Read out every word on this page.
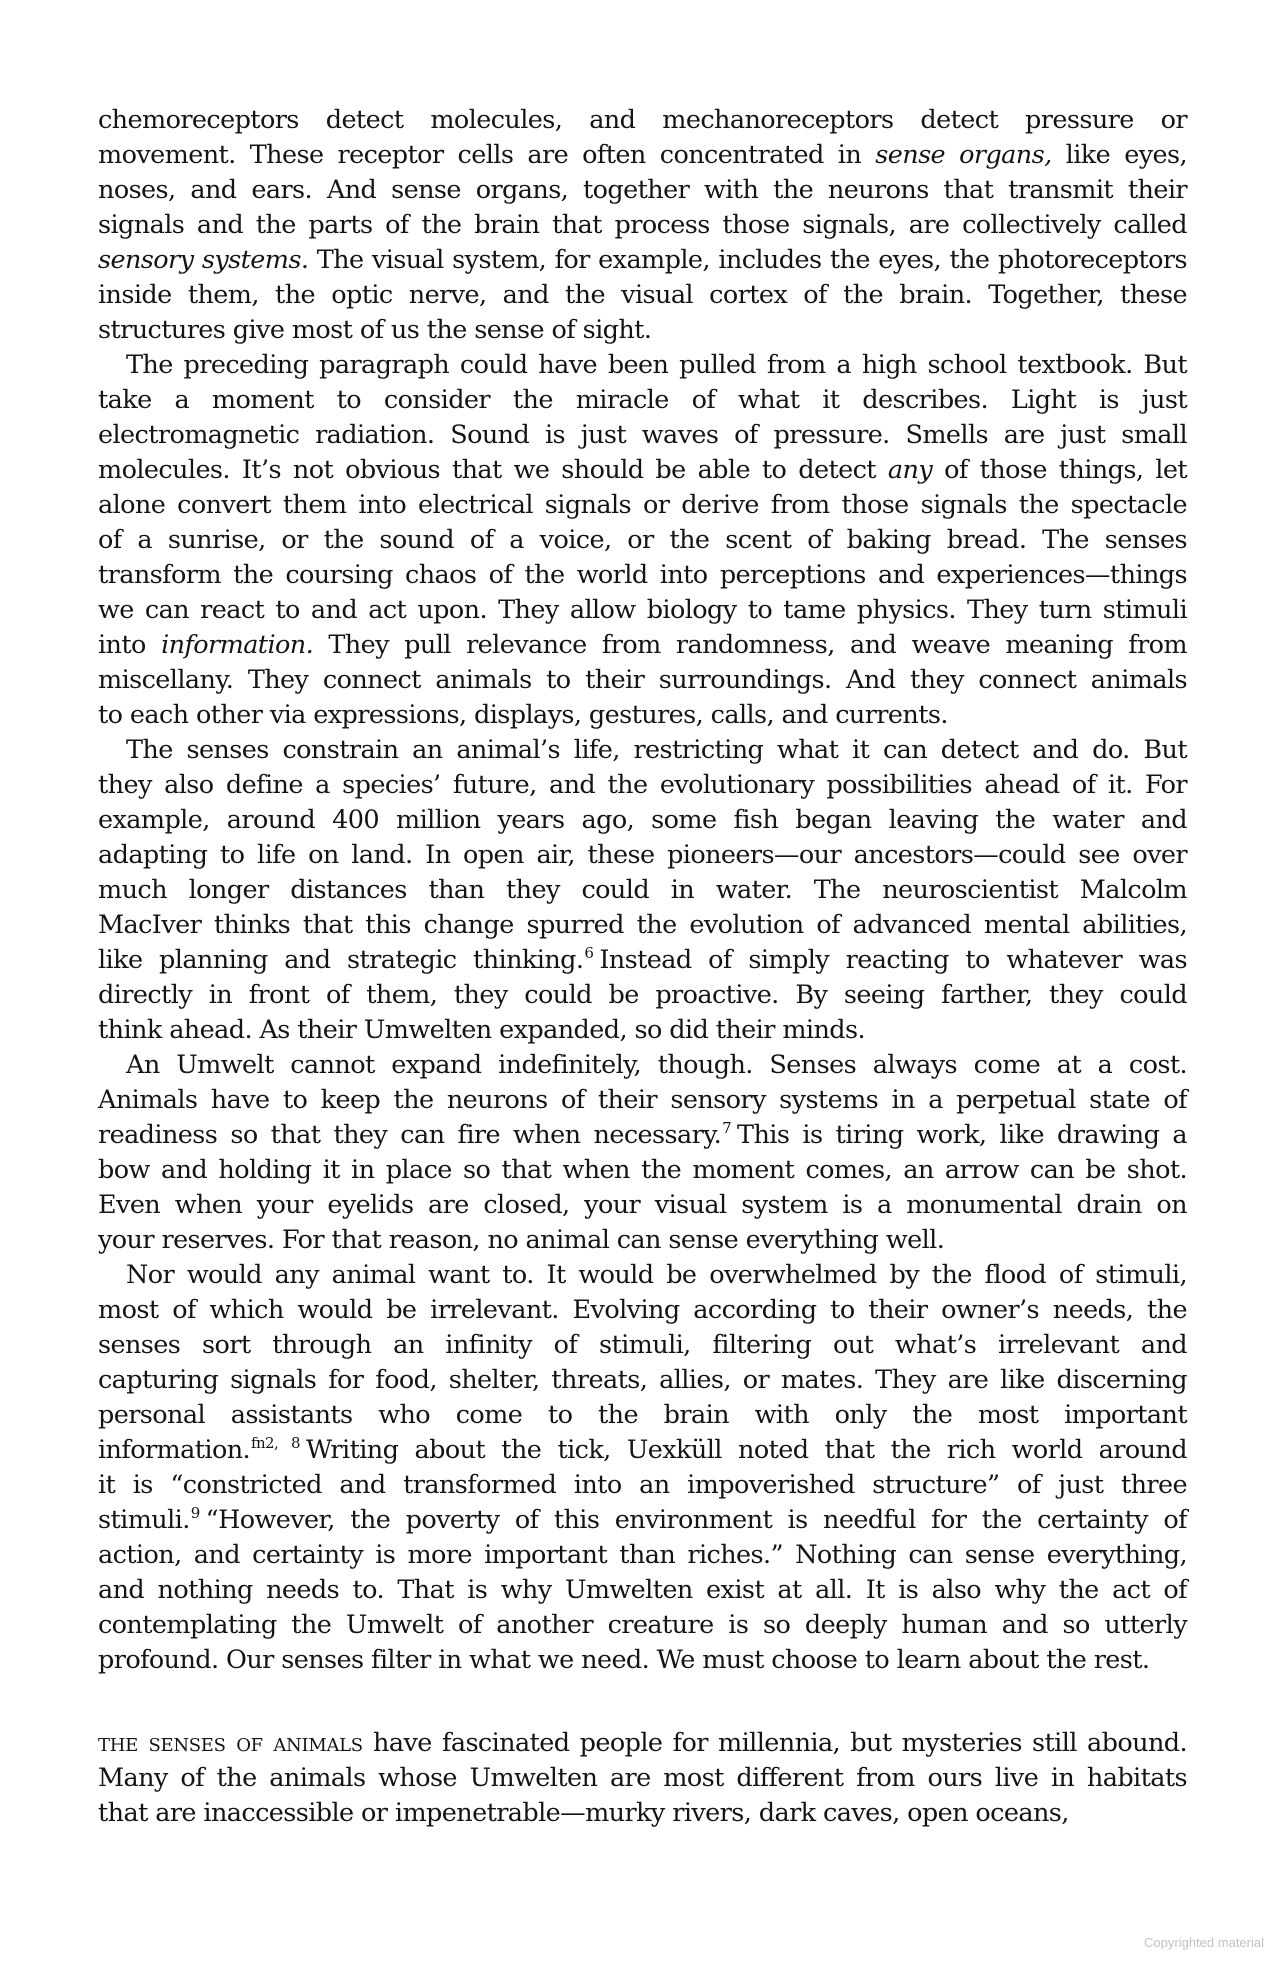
chemoreceptors detect molecules, and mechanoreceptors detect pressure or
movement. These receptor cells are often concentrated in sense organs, like eyes,
noses, and ears. And sense organs, together with the neurons that transmit their
signals and the parts of the brain that process those signals, are collectively called
sensory systems. The visual system, for example, includes the eyes, the photoreceptors
inside them, the optic nerve, and the visual cortex of the brain. Together, these
structures give most of us the sense of sight.
The preceding paragraph could have been pulled from a high school textbook. But
take a moment to consider the miracle of what it describes. Light is just
electromagnetic radiation. Sound is just waves of pressure. Smells are just small
molecules. It’s not obvious that we should be able to detect any of those things, let
alone convert them into electrical signals or derive from those signals the spectacle
of a sunrise, or the sound of a voice, or the scent of baking bread. The senses
transform the coursing chaos of the world into perceptions and experiences—things
we can react to and act upon. They allow biology to tame physics. They turn stimuli
into information. They pull relevance from randomness, and weave meaning from
miscellany. They connect animals to their surroundings. And they connect animals
to each other via expressions, displays, gestures, calls, and currents.
The senses constrain an animal’s life, restricting what it can detect and do. But
they also define a species’ future, and the evolutionary possibilities ahead of it. For
example, around 400 million years ago, some fish began leaving the water and
adapting to life on land. In open air, these pioneers—our ancestors—could see over
much longer distances than they could in water. The neuroscientist Malcolm
MacIver thinks that this change spurred the evolution of advanced mental abilities,
like planning and strategic thinking.$^6$ Instead of simply reacting to whatever was
directly in front of them, they could be proactive. By seeing farther, they could
think ahead. As their Umwelten expanded, so did their minds.
An Umwelt cannot expand indefinitely, though. Senses always come at a cost.
Animals have to keep the neurons of their sensory systems in a perpetual state of
readiness so that they can fire when necessary.$^7$ This is tiring work, like drawing a
bow and holding it in place so that when the moment comes, an arrow can be shot.
Even when your eyelids are closed, your visual system is a monumental drain on
your reserves. For that reason, no animal can sense everything well.
Nor would any animal want to. It would be overwhelmed by the flood of stimuli,
most of which would be irrelevant. Evolving according to their owner’s needs, the
senses sort through an infinity of stimuli, filtering out what’s irrelevant and
capturing signals for food, shelter, threats, allies, or mates. They are like discerning
personal assistants who come to the brain with only the most important
information.$^{fn2, 8}$ Writing about the tick, Uexküll noted that the rich world around
it is “constricted and transformed into an impoverished structure” of just three
stimuli.$^9$ “However, the poverty of this environment is needful for the certainty of
action, and certainty is more important than riches.” Nothing can sense everything,
and nothing needs to. That is why Umwelten exist at all. It is also why the act of
contemplating the Umwelt of another creature is so deeply human and so utterly
profound. Our senses filter in what we need. We must choose to learn about the rest.
the senses of animals have fascinated people for millennia, but mysteries still abound.
Many of the animals whose Umwelten are most different from ours live in habitats
that are inaccessible or impenetrable—murky rivers, dark caves, open oceans,
Copyrighted material
